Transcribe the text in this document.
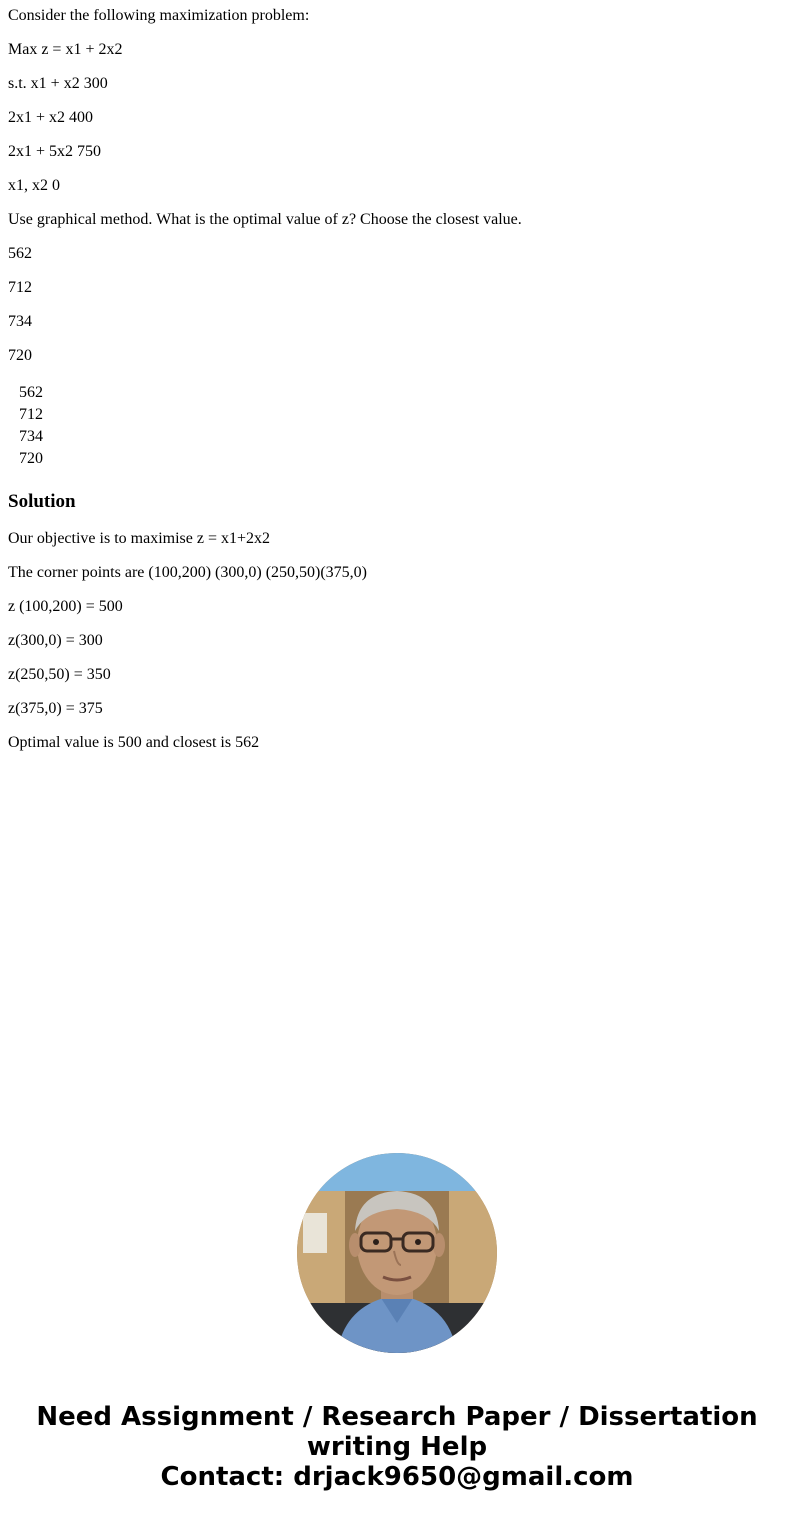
Consider the following maximization problem:
Max z = x1 + 2x2
s.t. x1 + x2 300
2x1 + x2 400
2x1 + 5x2 750
x1, x2 0
Use graphical method. What is the optimal value of z? Choose the closest value.
562
712
734
720
562
712
734
720
Solution
Our objective is to maximise z = x1+2x2
The corner points are (100,200) (300,0) (250,50)(375,0)
z (100,200) = 500
z(300,0) = 300
z(250,50) = 350
z(375,0) = 375
Optimal value is 500 and closest is 562
Need Assignment / Research Paper / Dissertation
writing Help
Contact: drjack9650@gmail.com
